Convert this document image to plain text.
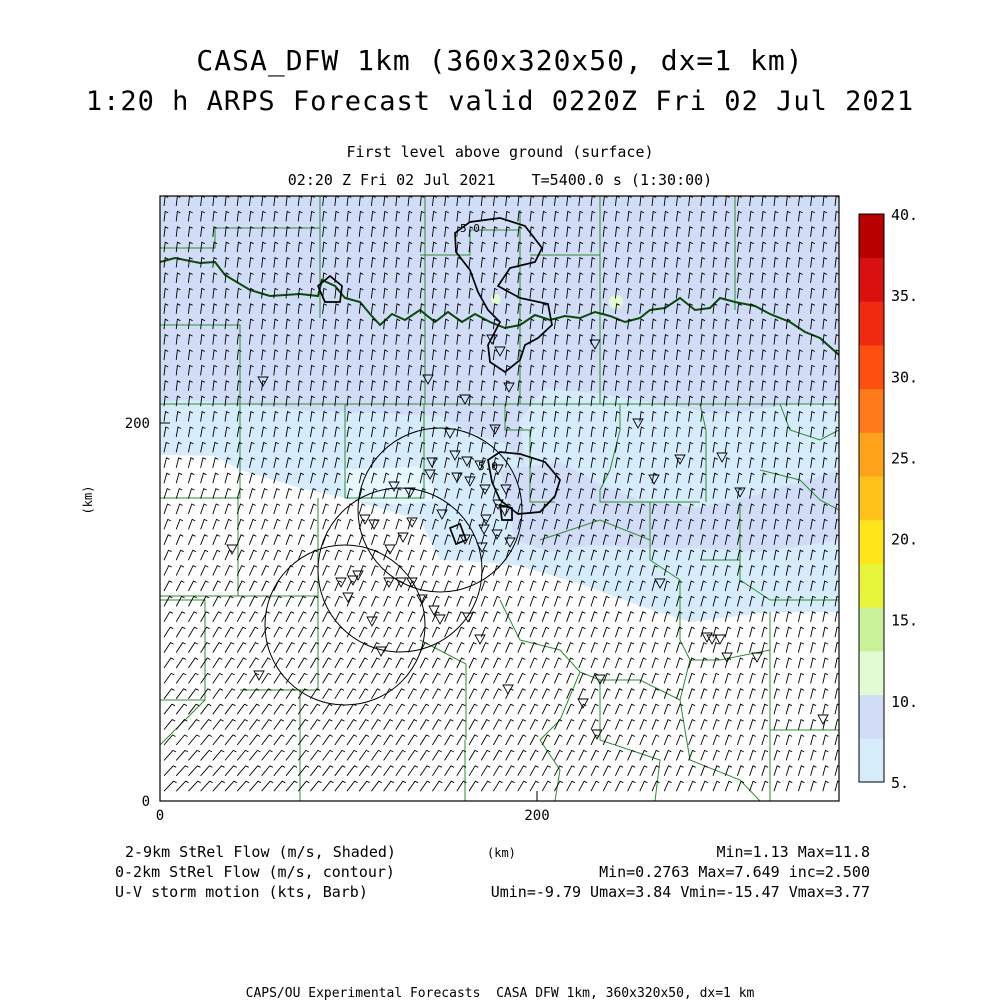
CASA_DFW 1km (360x320x50, dx=1 km)
1:20 h ARPS Forecast valid 0220Z Fri 02 Jul 2021
First level above ground (surface)
02:20 Z Fri 02 Jul 2021    T=5400.0 s (1:30:00)
5.0
5.0
0	200
0
200
(km)
5.
10.
15.
20.
25.
30.
35.
40.
2-9km StRel Flow (m/s, Shaded)	(km)	Min=1.13 Max=11.8
0-2km StRel Flow (m/s, contour)	Min=0.2763 Max=7.649 inc=2.500
U-V storm motion (kts, Barb)	Umin=-9.79 Umax=3.84 Vmin=-15.47 Vmax=3.77
CAPS/OU Experimental Forecasts  CASA DFW 1km, 360x320x50, dx=1 km
